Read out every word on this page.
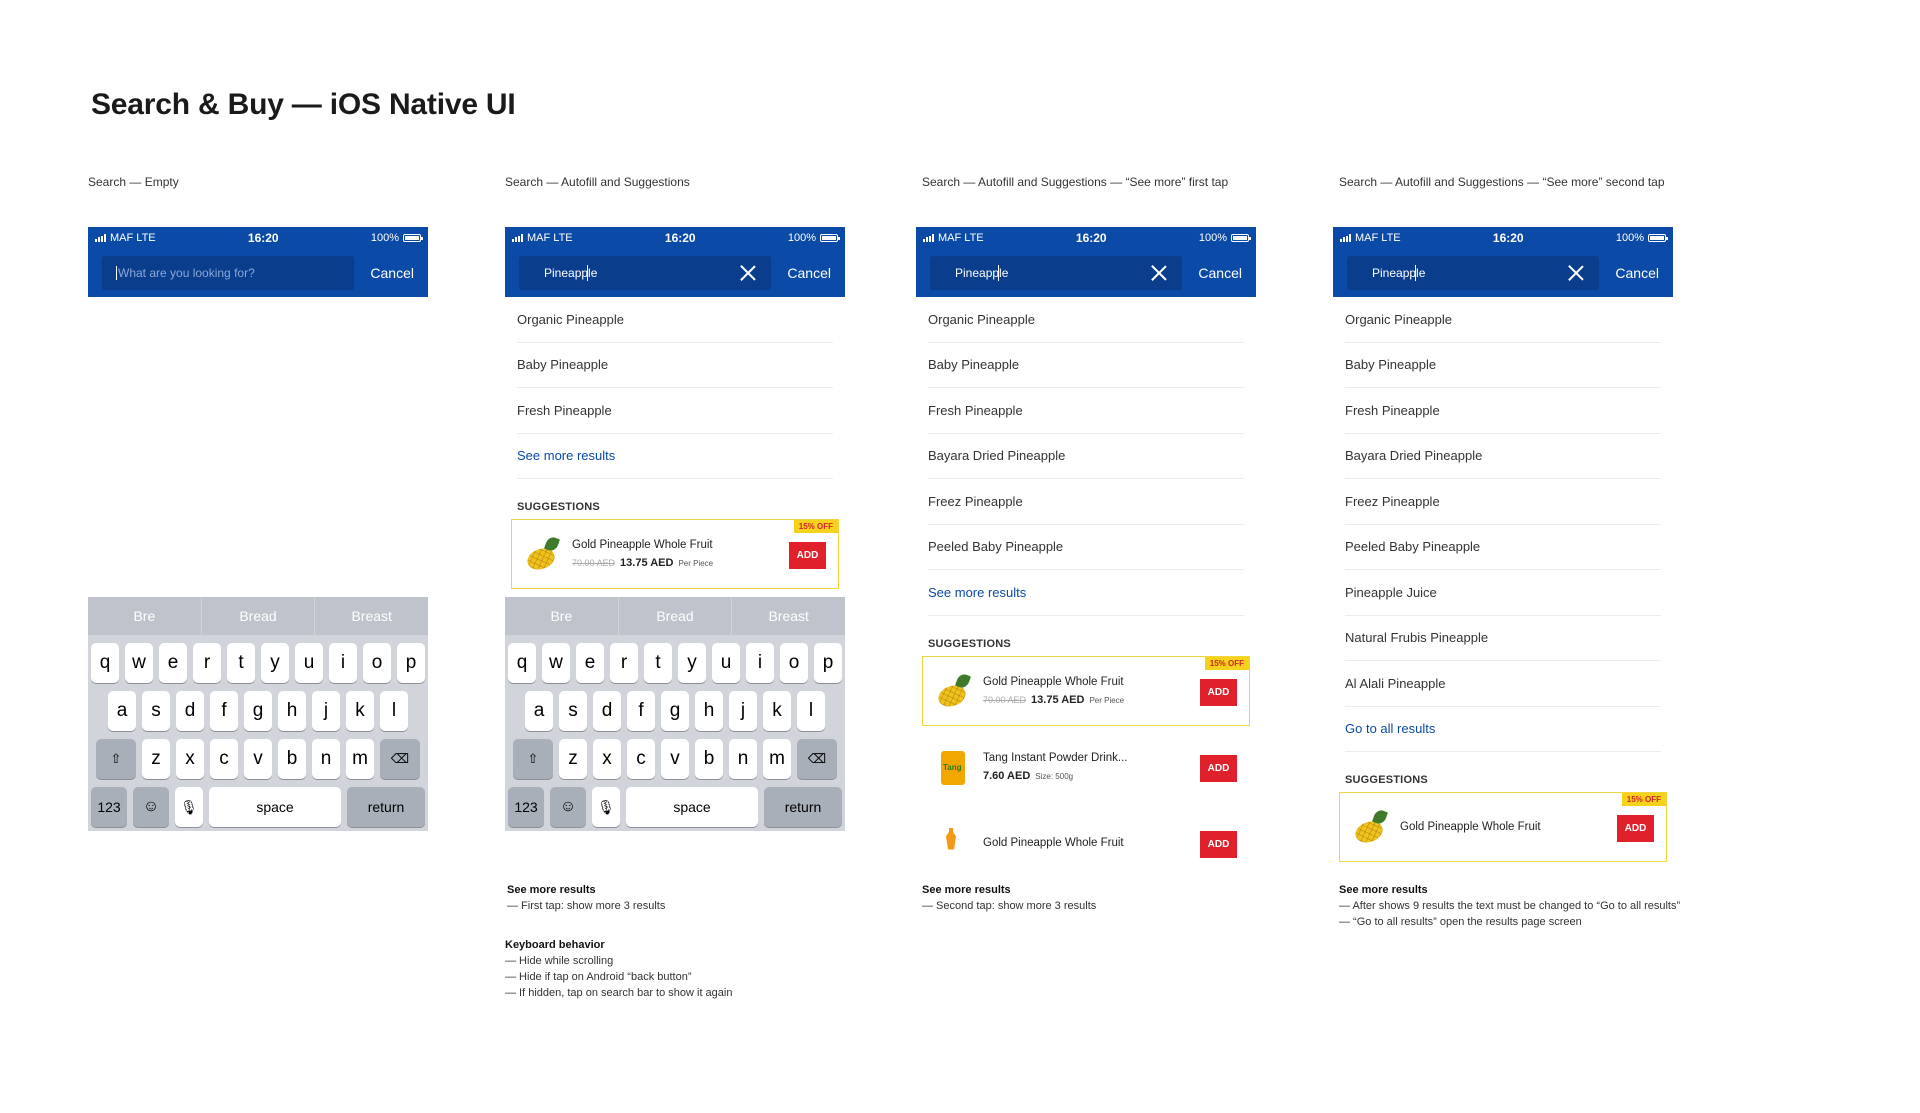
Search & Buy — iOS Native UI
Search — Empty	Search — Autofill and Suggestions	Search — Autofill and Suggestions — “See more” first tap	Search — Autofill and Suggestions — “See more” second tap
MAF LTE	16:20	100%
What are you looking for?
Cancel
Bre	Bread	Breast
q	w	e	r	t	y	u	i	o	p
a	s	d	f	g	h	j	k	l
⇧	z	x	c	v	b	n	m	⌫
123	☺	🎙	space	return
MAF LTE	16:20	100%
Pineapple
Cancel
Organic Pineapple
Baby Pineapple
Fresh Pineapple
See more results
SUGGESTIONS
Gold Pineapple Whole Fruit
70.00 AED 13.75 AED Per Piece
15% OFF
ADD
Bre	Bread	Breast
q	w	e	r	t	y	u	i	o	p
a	s	d	f	g	h	j	k	l
⇧	z	x	c	v	b	n	m	⌫
123	☺	🎙	space	return
MAF LTE	16:20	100%
Pineapple
Cancel
Organic Pineapple
Baby Pineapple
Fresh Pineapple
Bayara Dried Pineapple
Freez Pineapple
Peeled Baby Pineapple
See more results
SUGGESTIONS
Gold Pineapple Whole Fruit
70.00 AED 13.75 AED Per Piece
15% OFF
ADD
Tang
Tang Instant Powder Drink...
7.60 AED Size: 500g
ADD
Gold Pineapple Whole Fruit	ADD
MAF LTE	16:20	100%
Pineapple
Cancel
Organic Pineapple
Baby Pineapple
Fresh Pineapple
Bayara Dried Pineapple
Freez Pineapple
Peeled Baby Pineapple
Pineapple Juice
Natural Frubis Pineapple
Al Alali Pineapple
Go to all results
SUGGESTIONS
Gold Pineapple Whole Fruit
15% OFF
ADD
See more results
— First tap: show more 3 results
Keyboard behavior
— Hide while scrolling
— Hide if tap on Android “back button”
— If hidden, tap on search bar to show it again
See more results
— Second tap: show more 3 results
See more results
— After shows 9 results the text must be changed to “Go to all results”
— “Go to all results” open the results page screen
